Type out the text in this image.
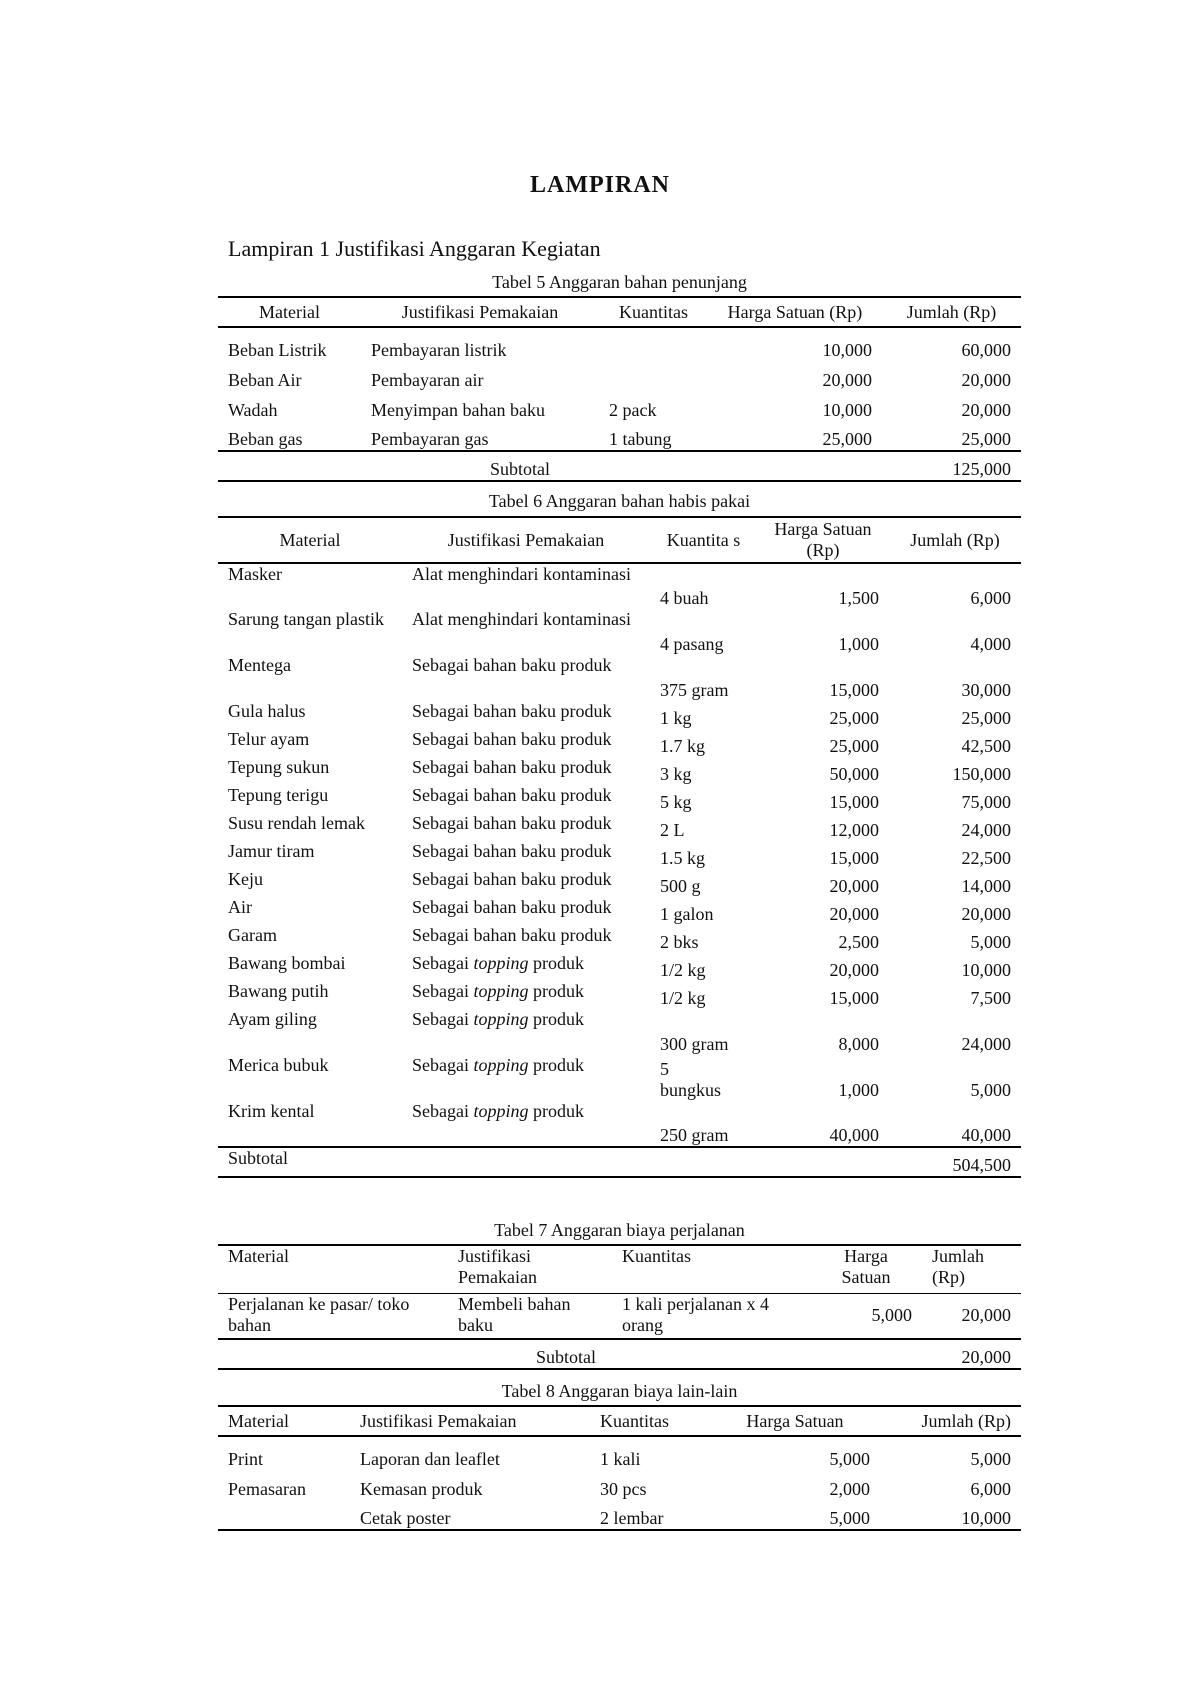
LAMPIRAN
Lampiran 1 Justifikasi Anggaran Kegiatan
Tabel 5 Anggaran bahan penunjang
Material	Justifikasi Pemakaian	Kuantitas	Harga Satuan (Rp)	Jumlah (Rp)
Beban Listrik	Pembayaran listrik		10,000	60,000
Beban Air	Pembayaran air		20,000	20,000
Wadah	Menyimpan bahan baku	2 pack	10,000	20,000
Beban gas	Pembayaran gas	1 tabung	25,000	25,000
Subtotal				125,000
Tabel 6 Anggaran bahan habis pakai
Material	Justifikasi Pemakaian	Kuantita s	Harga Satuan (Rp)	Jumlah (Rp)
Masker	Alat menghindari kontaminasi	4 buah	1,500	6,000
Sarung tangan plastik	Alat menghindari kontaminasi	4 pasang	1,000	4,000
Mentega	Sebagai bahan baku produk	375 gram	15,000	30,000
Gula halus	Sebagai bahan baku produk	1 kg	25,000	25,000
Telur ayam	Sebagai bahan baku produk	1.7 kg	25,000	42,500
Tepung sukun	Sebagai bahan baku produk	3 kg	50,000	150,000
Tepung terigu	Sebagai bahan baku produk	5 kg	15,000	75,000
Susu rendah lemak	Sebagai bahan baku produk	2 L	12,000	24,000
Jamur tiram	Sebagai bahan baku produk	1.5 kg	15,000	22,500
Keju	Sebagai bahan baku produk	500 g	20,000	14,000
Air	Sebagai bahan baku produk	1 galon	20,000	20,000
Garam	Sebagai bahan baku produk	2 bks	2,500	5,000
Bawang bombai	Sebagai topping produk	1/2 kg	20,000	10,000
Bawang putih	Sebagai topping produk	1/2 kg	15,000	7,500
Ayam giling	Sebagai topping produk	300 gram	8,000	24,000
Merica bubuk	Sebagai topping produk	5 bungkus	1,000	5,000
Krim kental	Sebagai topping produk	250 gram	40,000	40,000
Subtotal				504,500
Tabel 7 Anggaran biaya perjalanan
Material	Justifikasi Pemakaian	Kuantitas	Harga Satuan	Jumlah (Rp)
Perjalanan ke pasar/ toko bahan	Membeli bahan baku	1 kali perjalanan x 4 orang	5,000	20,000
Subtotal				20,000
Tabel 8 Anggaran biaya lain-lain
Material	Justifikasi Pemakaian	Kuantitas	Harga Satuan	Jumlah (Rp)
Print	Laporan dan leaflet	1 kali	5,000	5,000
Pemasaran	Kemasan produk	30 pcs	2,000	6,000
	Cetak poster	2 lembar	5,000	10,000
